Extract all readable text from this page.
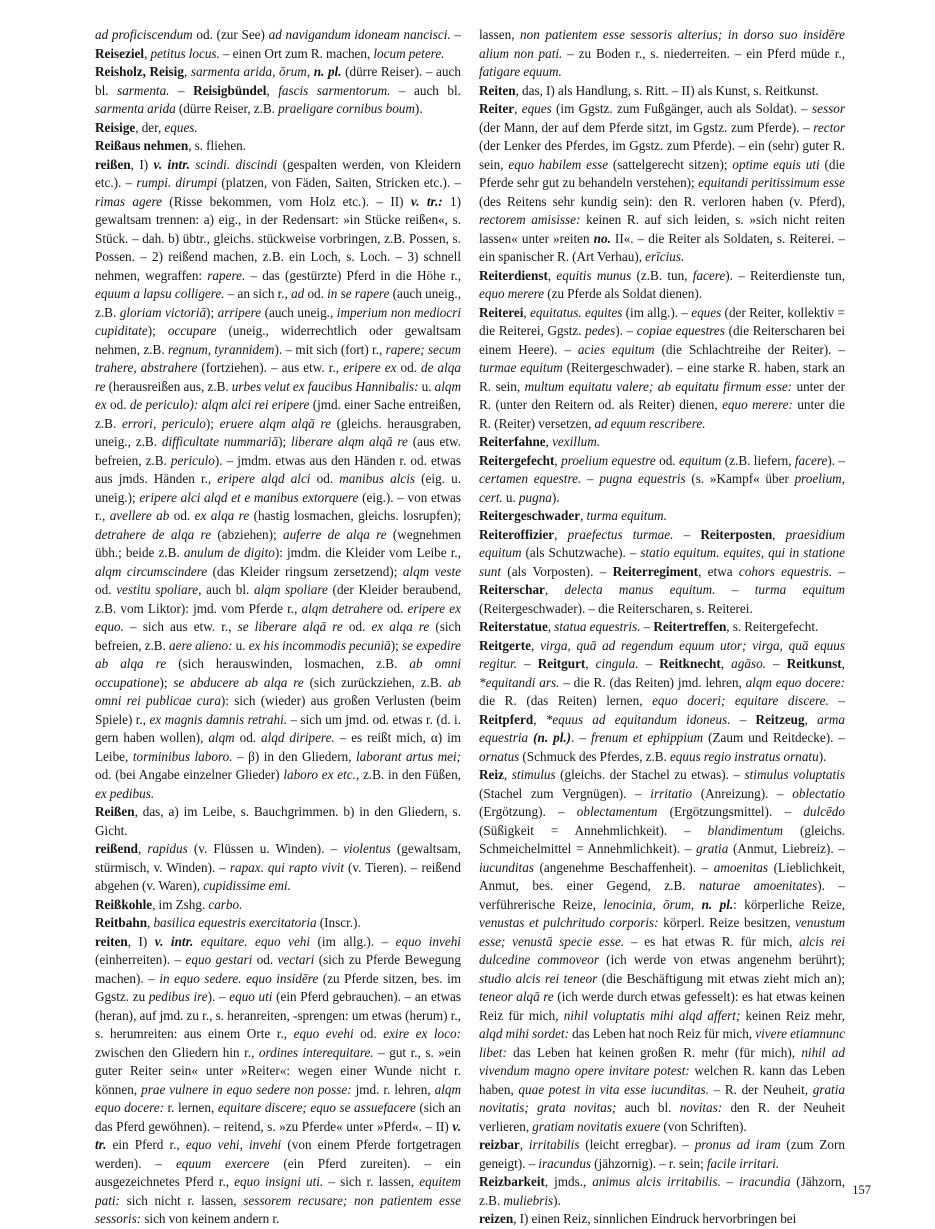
ad proficiscendum od. (zur See) ad navigandum idoneam nancisci. – Reiseziel, petitus locus. – einen Ort zum R. machen, locum petere.

Reisholz, Reisig, sarmenta arida, ōrum, n. pl. (dürre Reiser). – auch bl. sarmenta. – Reisigbündel, fascis sarmentorum. – auch bl. sarmenta arida (dürre Reiser, z.B. praeligare cornibus boum).

Reisige, der, eques.

Reißaus nehmen, s. fliehen.

reißen, I) v. intr. scindi. discindi (gespalten werden, von Kleidern etc.). – rumpi. dirumpi (platzen, von Fäden, Saiten, Stricken etc.). – rimas agere (Risse bekommen, vom Holz etc.). – II) v. tr.: 1) gewaltsam trennen: a) eig., in der Redensart: »in Stücke reißen«, s. Stück. – dah. b) übtr., gleichs. stückweise vorbringen, z.B. Possen, s. Possen. – 2) reißend machen, z.B. ein Loch, s. Loch. – 3) schnell nehmen, wegraffen: rapere. – das (gestürzte) Pferd in die Höhe r., equum a lapsu colligere. – an sich r., ad od. in se rapere (auch uneig., z.B. gloriam victoriā); arripere (auch uneig., imperium non mediocri cupiditate); occupare (uneig., widerrechtlich oder gewaltsam nehmen, z.B. regnum, tyrannidem). – mit sich (fort) r., rapere; secum trahere, abstrahere (fortziehen). – aus etw. r., eripere ex od. de alqa re (herausreißen aus, z.B. urbes velut ex faucibus Hannibalis: u. alqm ex od. de periculo): alqm alci rei eripere (jmd. einer Sache entreißen, z.B. errori, periculo); eruere alqm alqā re (gleichs. herausgraben, uneig., z.B. difficultate nummariā); liberare alqm alqā re (aus etw. befreien, z.B. periculo). – jmdm. etwas aus den Händen r. od. etwas aus jmds. Händen r., eripere alqd alci od. manibus alcis (eig. u. uneig.); eripere alci alqd et e manibus extorquere (eig.). – von etwas r., avellere ab od. ex alqa re (hastig losmachen, gleichs. losrupfen); detrahere de alqa re (abziehen); auferre de alqa re (wegnehmen übh.; beide z.B. anulum de digito): jmdm. die Kleider vom Leibe r., alqm circumscindere (das Kleider ringsum zersetzend); alqm veste od. vestitu spoliare, auch bl. alqm spoliare (der Kleider beraubend, z.B. vom Liktor): jmd. vom Pferde r., alqm detrahere od. eripere ex equo. – sich aus etw. r., se liberare alqā re od. ex alqa re (sich befreien, z.B. aere alieno: u. ex his incommodis pecuniā); se expedire ab alqa re (sich herauswinden, losmachen, z.B. ab omni occupatione); se abducere ab alqa re (sich zurückziehen, z.B. ab omni rei publicae cura): sich (wieder) aus großen Verlusten (beim Spiele) r., ex magnis damnis retrahi. – sich um jmd. od. etwas r. (d. i. gern haben wollen), alqm od. alqd diripere. – es reißt mich, α) im Leibe, torminibus laboro. – β) in den Gliedern, laborant artus mei; od. (bei Angabe einzelner Glieder) laboro ex etc., z.B. in den Füßen, ex pedibus.

Reißen, das, a) im Leibe, s. Bauchgrimmen. b) in den Gliedern, s. Gicht.

reißend, rapidus (v. Flüssen u. Winden). – violentus (gewaltsam, stürmisch, v. Winden). – rapax. qui rapto vivit (v. Tieren). – reißend abgehen (v. Waren), cupidissime emi.

Reißkohle, im Zshg. carbo.

Reitbahn, basilica equestris exercitatoria (Inscr.).

reiten, I) v. intr. equitare. equo vehi (im allg.). – equo invehi (einherreiten). – equo gestari od. vectari (sich zu Pferde Bewegung machen). – in equo sedere. equo insidēre (zu Pferde sitzen, bes. im Ggstz. zu pedibus ire). – equo uti (ein Pferd gebrauchen). – an etwas (heran), auf jmd. zu r., s. heranreiten, -sprengen: um etwas (herum) r., s. herumreiten: aus einem Orte r., equo evehi od. exire ex loco: zwischen den Gliedern hin r., ordines interequitare. – gut r., s. »ein guter Reiter sein« unter »Reiter«: wegen einer Wunde nicht r. können, prae vulnere in equo sedere non posse: jmd. r. lehren, alqm equo docere: r. lernen, equitare discere; equo se assuefacere (sich an das Pferd gewöhnen). – reitend, s. »zu Pferde« unter »Pferd«. – II) v. tr. ein Pferd r., equo vehi, invehi (von einem Pferde fortgetragen werden). – equum exercere (ein Pferd zureiten). – ein ausgezeichnetes Pferd r., equo insigni uti. – sich r. lassen, equitem pati: sich nicht r. lassen, sessorem recusare; non patientem esse sessoris: sich von keinem andern r.

lassen, non patientem esse sessoris alterius; in dorso suo insidēre alium non pati. – zu Boden r., s. niederreiten. – ein Pferd müde r., fatigare equum.

Reiten, das, I) als Handlung, s. Ritt. – II) als Kunst, s. Reitkunst.

Reiter, eques (im Ggstz. zum Fußgänger, auch als Soldat). – sessor (der Mann, der auf dem Pferde sitzt, im Ggstz. zum Pferde). – rector (der Lenker des Pferdes, im Ggstz. zum Pferde). – ein (sehr) guter R. sein, equo habilem esse (sattelgerecht sitzen); optime equis uti (die Pferde sehr gut zu behandeln verstehen); equitandi peritissimum esse (des Reitens sehr kundig sein): den R. verloren haben (v. Pferd), rectorem amisisse: keinen R. auf sich leiden, s. »sich nicht reiten lassen« unter »reiten no. II«. – die Reiter als Soldaten, s. Reiterei. – ein spanischer R. (Art Verhau), erīcius.

Reiterdienst, equitis munus (z.B. tun, facere). – Reiterdienste tun, equo merere (zu Pferde als Soldat dienen).

Reiterei, equitatus. equites (im allg.). – eques (der Reiter, kollektiv = die Reiterei, Ggstz. pedes). – copiae equestres (die Reiterscharen bei einem Heere). – acies equitum (die Schlachtreihe der Reiter). – turmae equitum (Reitergeschwader). – eine starke R. haben, stark an R. sein, multum equitatu valere; ab equitatu firmum esse: unter der R. (unter den Reitern od. als Reiter) dienen, equo merere: unter die R. (Reiter) versetzen, ad equum rescribere.

Reiterfahne, vexillum.

Reitergefecht, proelium equestre od. equitum (z.B. liefern, facere). – certamen equestre. – pugna equestris (s. »Kampf« über proelium, cert. u. pugna).

Reitergeschwader, turma equitum.

Reiteroffizier, praefectus turmae. – Reiterposten, praesidium equitum (als Schutzwache). – statio equitum. equites, qui in statione sunt (als Vorposten). – Reiterregiment, etwa cohors equestris. – Reiterschar, delecta manus equitum. – turma equitum (Reitergeschwader). – die Reiterscharen, s. Reiterei.

Reiterstatue, statua equestris. – Reitertreffen, s. Reitergefecht.

Reitgerte, virga, quā ad regendum equum utor; virga, quā equus regitur. – Reitgurt, cingula. – Reitknecht, agāso. – Reitkunst, *equitandi ars. – die R. (das Reiten) jmd. lehren, alqm equo docere: die R. (das Reiten) lernen, equo doceri; equitare discere. – Reitpferd, *equus ad equitandum idoneus. – Reitzeug, arma equestria (n. pl.). – frenum et ephippium (Zaum und Reitdecke). – ornatus (Schmuck des Pferdes, z.B. equus regio instratus ornatu).

Reiz, stimulus (gleichs. der Stachel zu etwas). – stimulus voluptatis (Stachel zum Vergnügen). – irritatio (Anreizung). – oblectatio (Ergötzung). – oblectamentum (Ergötzungsmittel). – dulcēdo (Süßigkeit = Annehmlichkeit). – blandimentum (gleichs. Schmeichelmittel = Annehmlichkeit). – gratia (Anmut, Liebreiz). – iucunditas (angenehme Beschaffenheit). – amoenitas (Lieblichkeit, Anmut, bes. einer Gegend, z.B. naturae amoenitates). – verführerische Reize, lenocinia, ōrum, n. pl.: körperliche Reize, venustas et pulchritudo corporis: körperl. Reize besitzen, venustum esse; venustā specie esse. – es hat etwas R. für mich, alcis rei dulcedine commoveor (ich werde von etwas angenehm berührt); studio alcis rei teneor (die Beschäftigung mit etwas zieht mich an); teneor alqā re (ich werde durch etwas gefesselt): es hat etwas keinen Reiz für mich, nihil voluptatis mihi alqd affert; keinen Reiz mehr, alqd mihi sordet: das Leben hat noch Reiz für mich, vivere etiamnunc libet: das Leben hat keinen großen R. mehr (für mich), nihil ad vivendum magno opere invitare potest: welchen R. kann das Leben haben, quae potest in vita esse iucunditas. – R. der Neuheit, gratia novitatis; grata novitas; auch bl. novitas: den R. der Neuheit verlieren, gratiam novitatis exuere (von Schriften).

reizbar, irritabilis (leicht erregbar). – pronus ad iram (zum Zorn geneigt). – iracundus (jähzornig). – r. sein; facile irritari.

Reizbarkeit, jmds., animus alcis irritabilis. – iracundia (Jähzorn, z.B. muliebris).

reizen, I) einen Reiz, sinnlichen Eindruck hervorbringen bei

157
